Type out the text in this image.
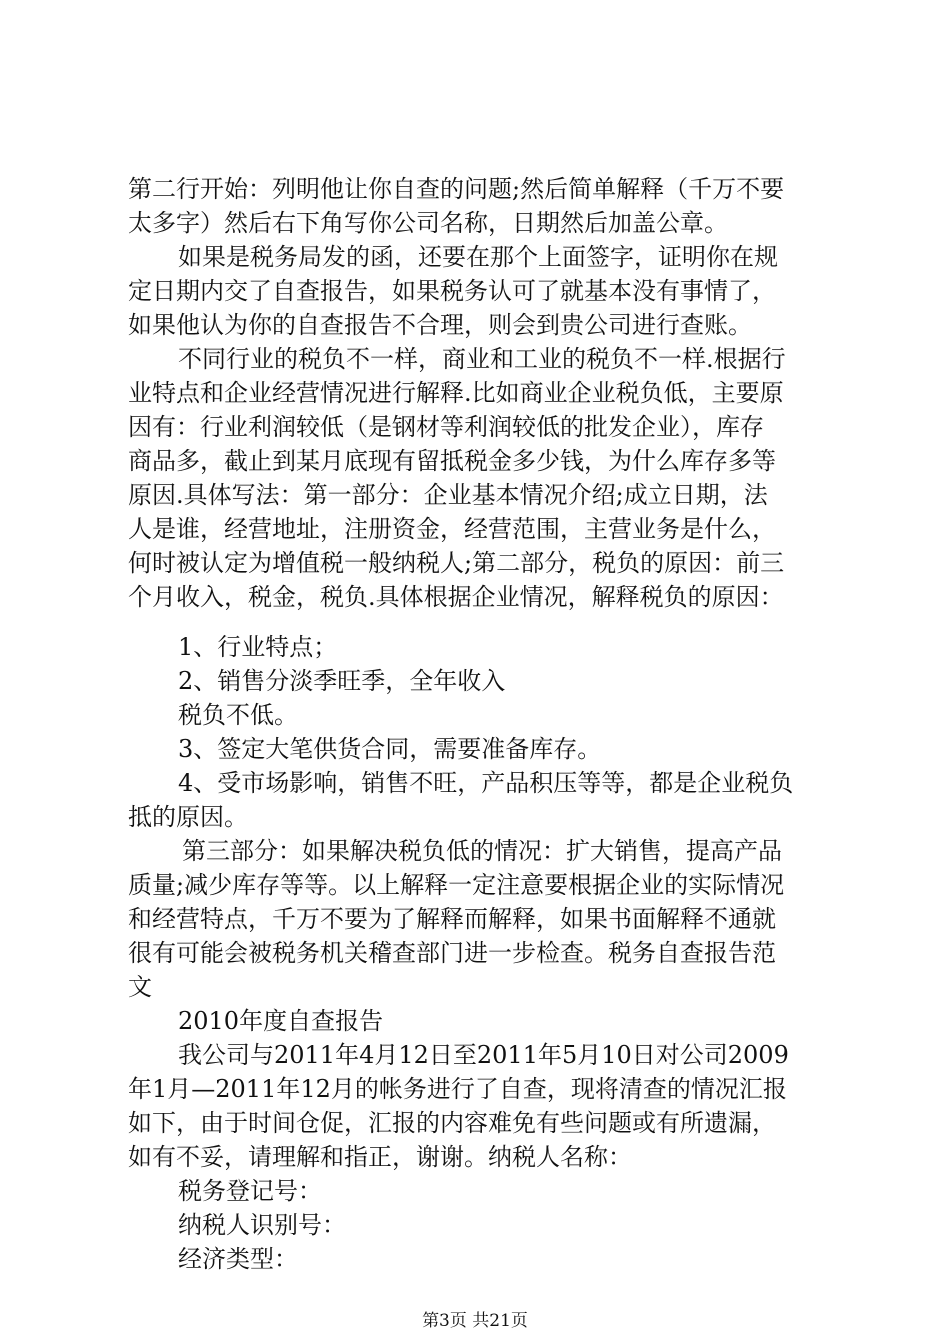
第二行开始：列明他让你自查的问题;然后简单解释（千万不要
太多字）然后右下角写你公司名称，日期然后加盖公章。
如果是税务局发的函，还要在那个上面签字，证明你在规
定日期内交了自查报告，如果税务认可了就基本没有事情了，
如果他认为你的自查报告不合理，则会到贵公司进行查账。
不同行业的税负不一样，商业和工业的税负不一样.根据行
业特点和企业经营情况进行解释.比如商业企业税负低，主要原
因有：行业利润较低（是钢材等利润较低的批发企业），库存
商品多，截止到某月底现有留抵税金多少钱，为什么库存多等
原因.具体写法：第一部分：企业基本情况介绍;成立日期，法
人是谁，经营地址，注册资金，经营范围，主营业务是什么，
何时被认定为增值税一般纳税人;第二部分，税负的原因：前三
个月收入，税金，税负.具体根据企业情况，解释税负的原因：
1、行业特点；
2、销售分淡季旺季，全年收入
税负不低。
3、签定大笔供货合同，需要准备库存。
4、受市场影响，销售不旺，产品积压等等，都是企业税负
抵的原因。
第三部分：如果解决税负低的情况：扩大销售，提高产品
质量;减少库存等等。以上解释一定注意要根据企业的实际情况
和经营特点，千万不要为了解释而解释，如果书面解释不通就
很有可能会被税务机关稽查部门进一步检查。税务自查报告范
文
2010年度自查报告
我公司与2011年4月12日至2011年5月10日对公司2009
年1月—2011年12月的帐务进行了自查，现将清查的情况汇报
如下，由于时间仓促，汇报的内容难免有些问题或有所遗漏，
如有不妥，请理解和指正，谢谢。纳税人名称：
税务登记号：
纳税人识别号：
经济类型：
第3页 共21页
